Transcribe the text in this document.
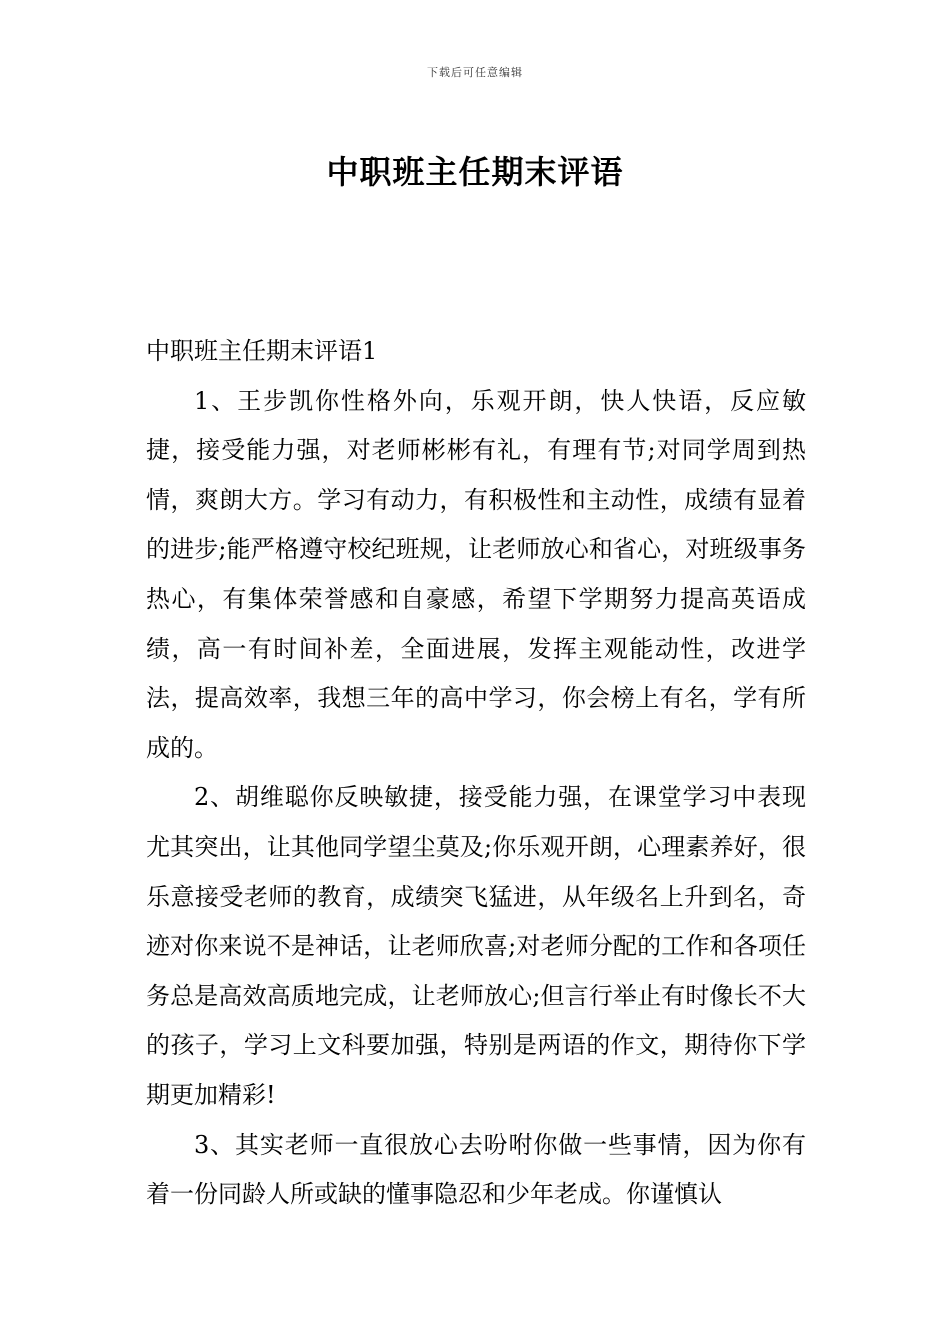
下载后可任意编辑
中职班主任期末评语

中职班主任期末评语1

1、王步凯你性格外向，乐观开朗，快人快语，反应敏捷，接受能力强，对老师彬彬有礼，有理有节;对同学周到热情，爽朗大方。学习有动力，有积极性和主动性，成绩有显着的进步;能严格遵守校纪班规，让老师放心和省心，对班级事务热心，有集体荣誉感和自豪感，希望下学期努力提高英语成绩，高一有时间补差，全面进展，发挥主观能动性，改进学法，提高效率，我想三年的高中学习，你会榜上有名，学有所成的。

2、胡维聪你反映敏捷，接受能力强，在课堂学习中表现尤其突出，让其他同学望尘莫及;你乐观开朗，心理素养好，很乐意接受老师的教育，成绩突飞猛进，从年级名上升到名，奇迹对你来说不是神话，让老师欣喜;对老师分配的工作和各项任务总是高效高质地完成，让老师放心;但言行举止有时像长不大的孩子，学习上文科要加强，特别是两语的作文，期待你下学期更加精彩!

3、其实老师一直很放心去吩咐你做一些事情，因为你有着一份同龄人所或缺的懂事隐忍和少年老成。你谨慎认
